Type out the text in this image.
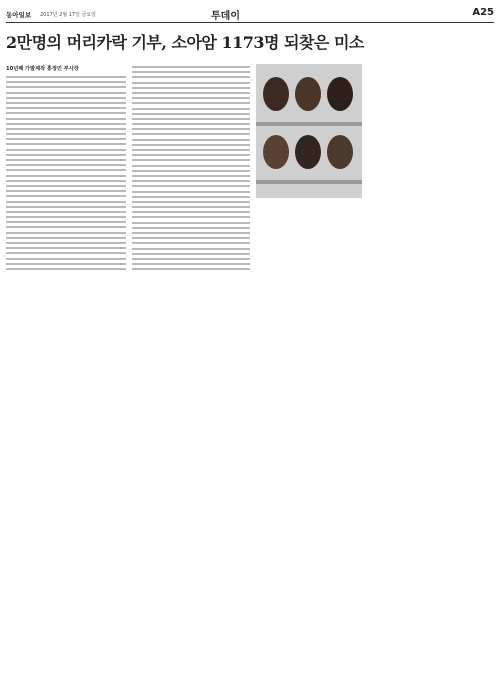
동아일보 2017년 2월 17일 금요일	투데이	A25
2만명의 머리카락 기부, 소아암 1173명 되찾은 미소
10년째 가발제작 홍정민 부사장
